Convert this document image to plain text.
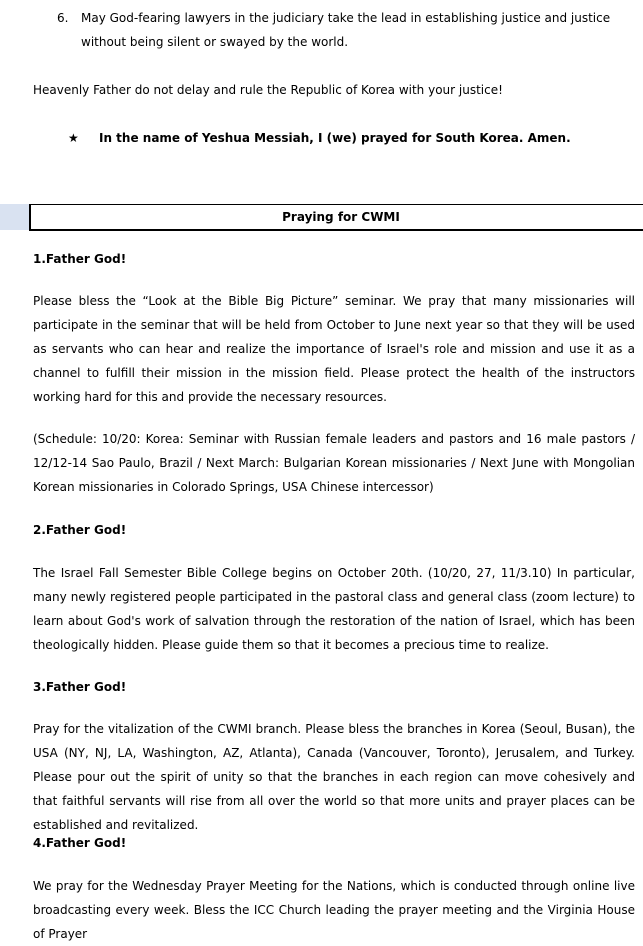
6. May God-fearing lawyers in the judiciary take the lead in establishing justice and justice without being silent or swayed by the world.
Heavenly Father do not delay and rule the Republic of Korea with your justice!
★ In the name of Yeshua Messiah, I (we) prayed for South Korea. Amen.
Praying for CWMI
1.Father God!
Please bless the “Look at the Bible Big Picture” seminar. We pray that many missionaries will participate in the seminar that will be held from October to June next year so that they will be used as servants who can hear and realize the importance of Israel's role and mission and use it as a channel to fulfill their mission in the mission field. Please protect the health of the instructors working hard for this and provide the necessary resources.
(Schedule: 10/20: Korea: Seminar with Russian female leaders and pastors and 16 male pastors / 12/12-14 Sao Paulo, Brazil / Next March: Bulgarian Korean missionaries / Next June with Mongolian Korean missionaries in Colorado Springs, USA Chinese intercessor)
2.Father God!
The Israel Fall Semester Bible College begins on October 20th. (10/20, 27, 11/3.10) In particular, many newly registered people participated in the pastoral class and general class (zoom lecture) to learn about God's work of salvation through the restoration of the nation of Israel, which has been theologically hidden. Please guide them so that it becomes a precious time to realize.
3.Father God!
Pray for the vitalization of the CWMI branch. Please bless the branches in Korea (Seoul, Busan), the USA (NY, NJ, LA, Washington, AZ, Atlanta), Canada (Vancouver, Toronto), Jerusalem, and Turkey. Please pour out the spirit of unity so that the branches in each region can move cohesively and that faithful servants will rise from all over the world so that more units and prayer places can be established and revitalized.
4.Father God!
We pray for the Wednesday Prayer Meeting for the Nations, which is conducted through online live broadcasting every week. Bless the ICC Church leading the prayer meeting and the Virginia House of Prayer
